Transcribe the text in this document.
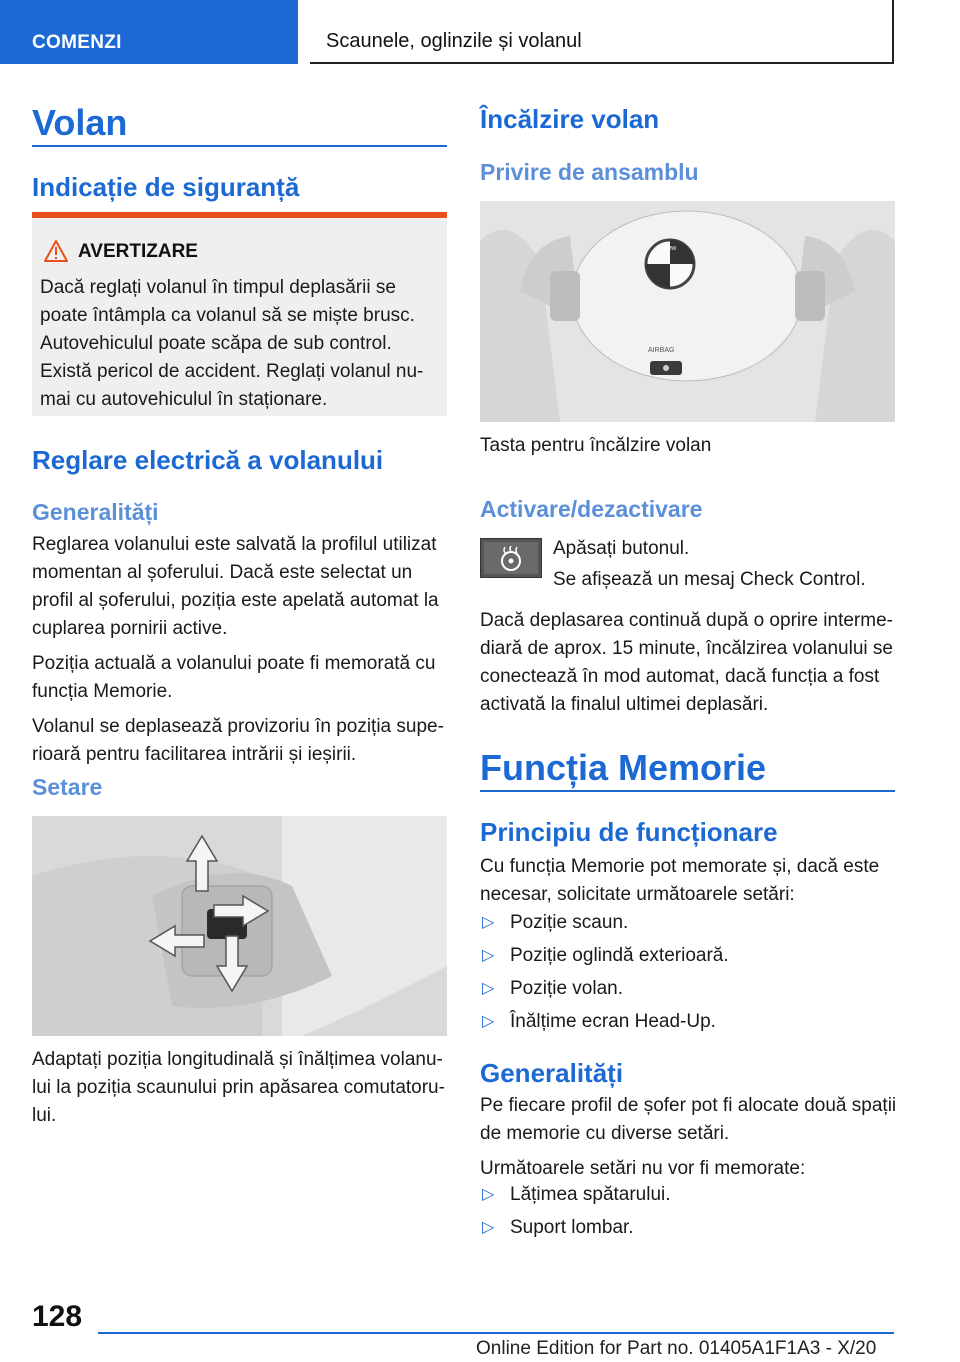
COMENZI	Scaunele, oglinzile și volanul
Volan
Indicație de siguranță
AVERTIZARE
Dacă reglați volanul în timpul deplasării se
poate întâmpla ca volanul să se miște brusc.
Autovehiculul poate scăpa de sub control.
Există pericol de accident. Reglați volanul nu-
mai cu autovehiculul în staționare.
Reglare electrică a volanului
Generalități
Reglarea volanului este salvată la profilul utilizat
momentan al șoferului. Dacă este selectat un
profil al șoferului, poziția este apelată automat la
cuplarea pornirii active.
Poziția actuală a volanului poate fi memorată cu
funcția Memorie.
Volanul se deplasează provizoriu în poziția supe-
rioară pentru facilitarea intrării și ieșirii.
Setare
Adaptați poziția longitudinală și înălțimea volanu-
lui la poziția scaunului prin apăsarea comutatoru-
lui.
Încălzire volan
Privire de ansamblu
AIRBAG
BMW
Tasta pentru încălzire volan
Activare/dezactivare
Apăsați butonul.
Se afișează un mesaj Check Control.
Dacă deplasarea continuă după o oprire interme-
diară de aprox. 15 minute, încălzirea volanului se
conectează în mod automat, dacă funcția a fost
activată la finalul ultimei deplasări.
Funcția Memorie
Principiu de funcționare
Cu funcția Memorie pot memorate și, dacă este
necesar, solicitate următoarele setări:
▷ Poziție scaun.
▷ Poziție oglindă exterioară.
▷ Poziție volan.
▷ Înălțime ecran Head-Up.
Generalități
Pe fiecare profil de șofer pot fi alocate două spații
de memorie cu diverse setări.
Următoarele setări nu vor fi memorate:
▷ Lățimea spătarului.
▷ Suport lombar.
128
Online Edition for Part no. 01405A1F1A3 - X/20
